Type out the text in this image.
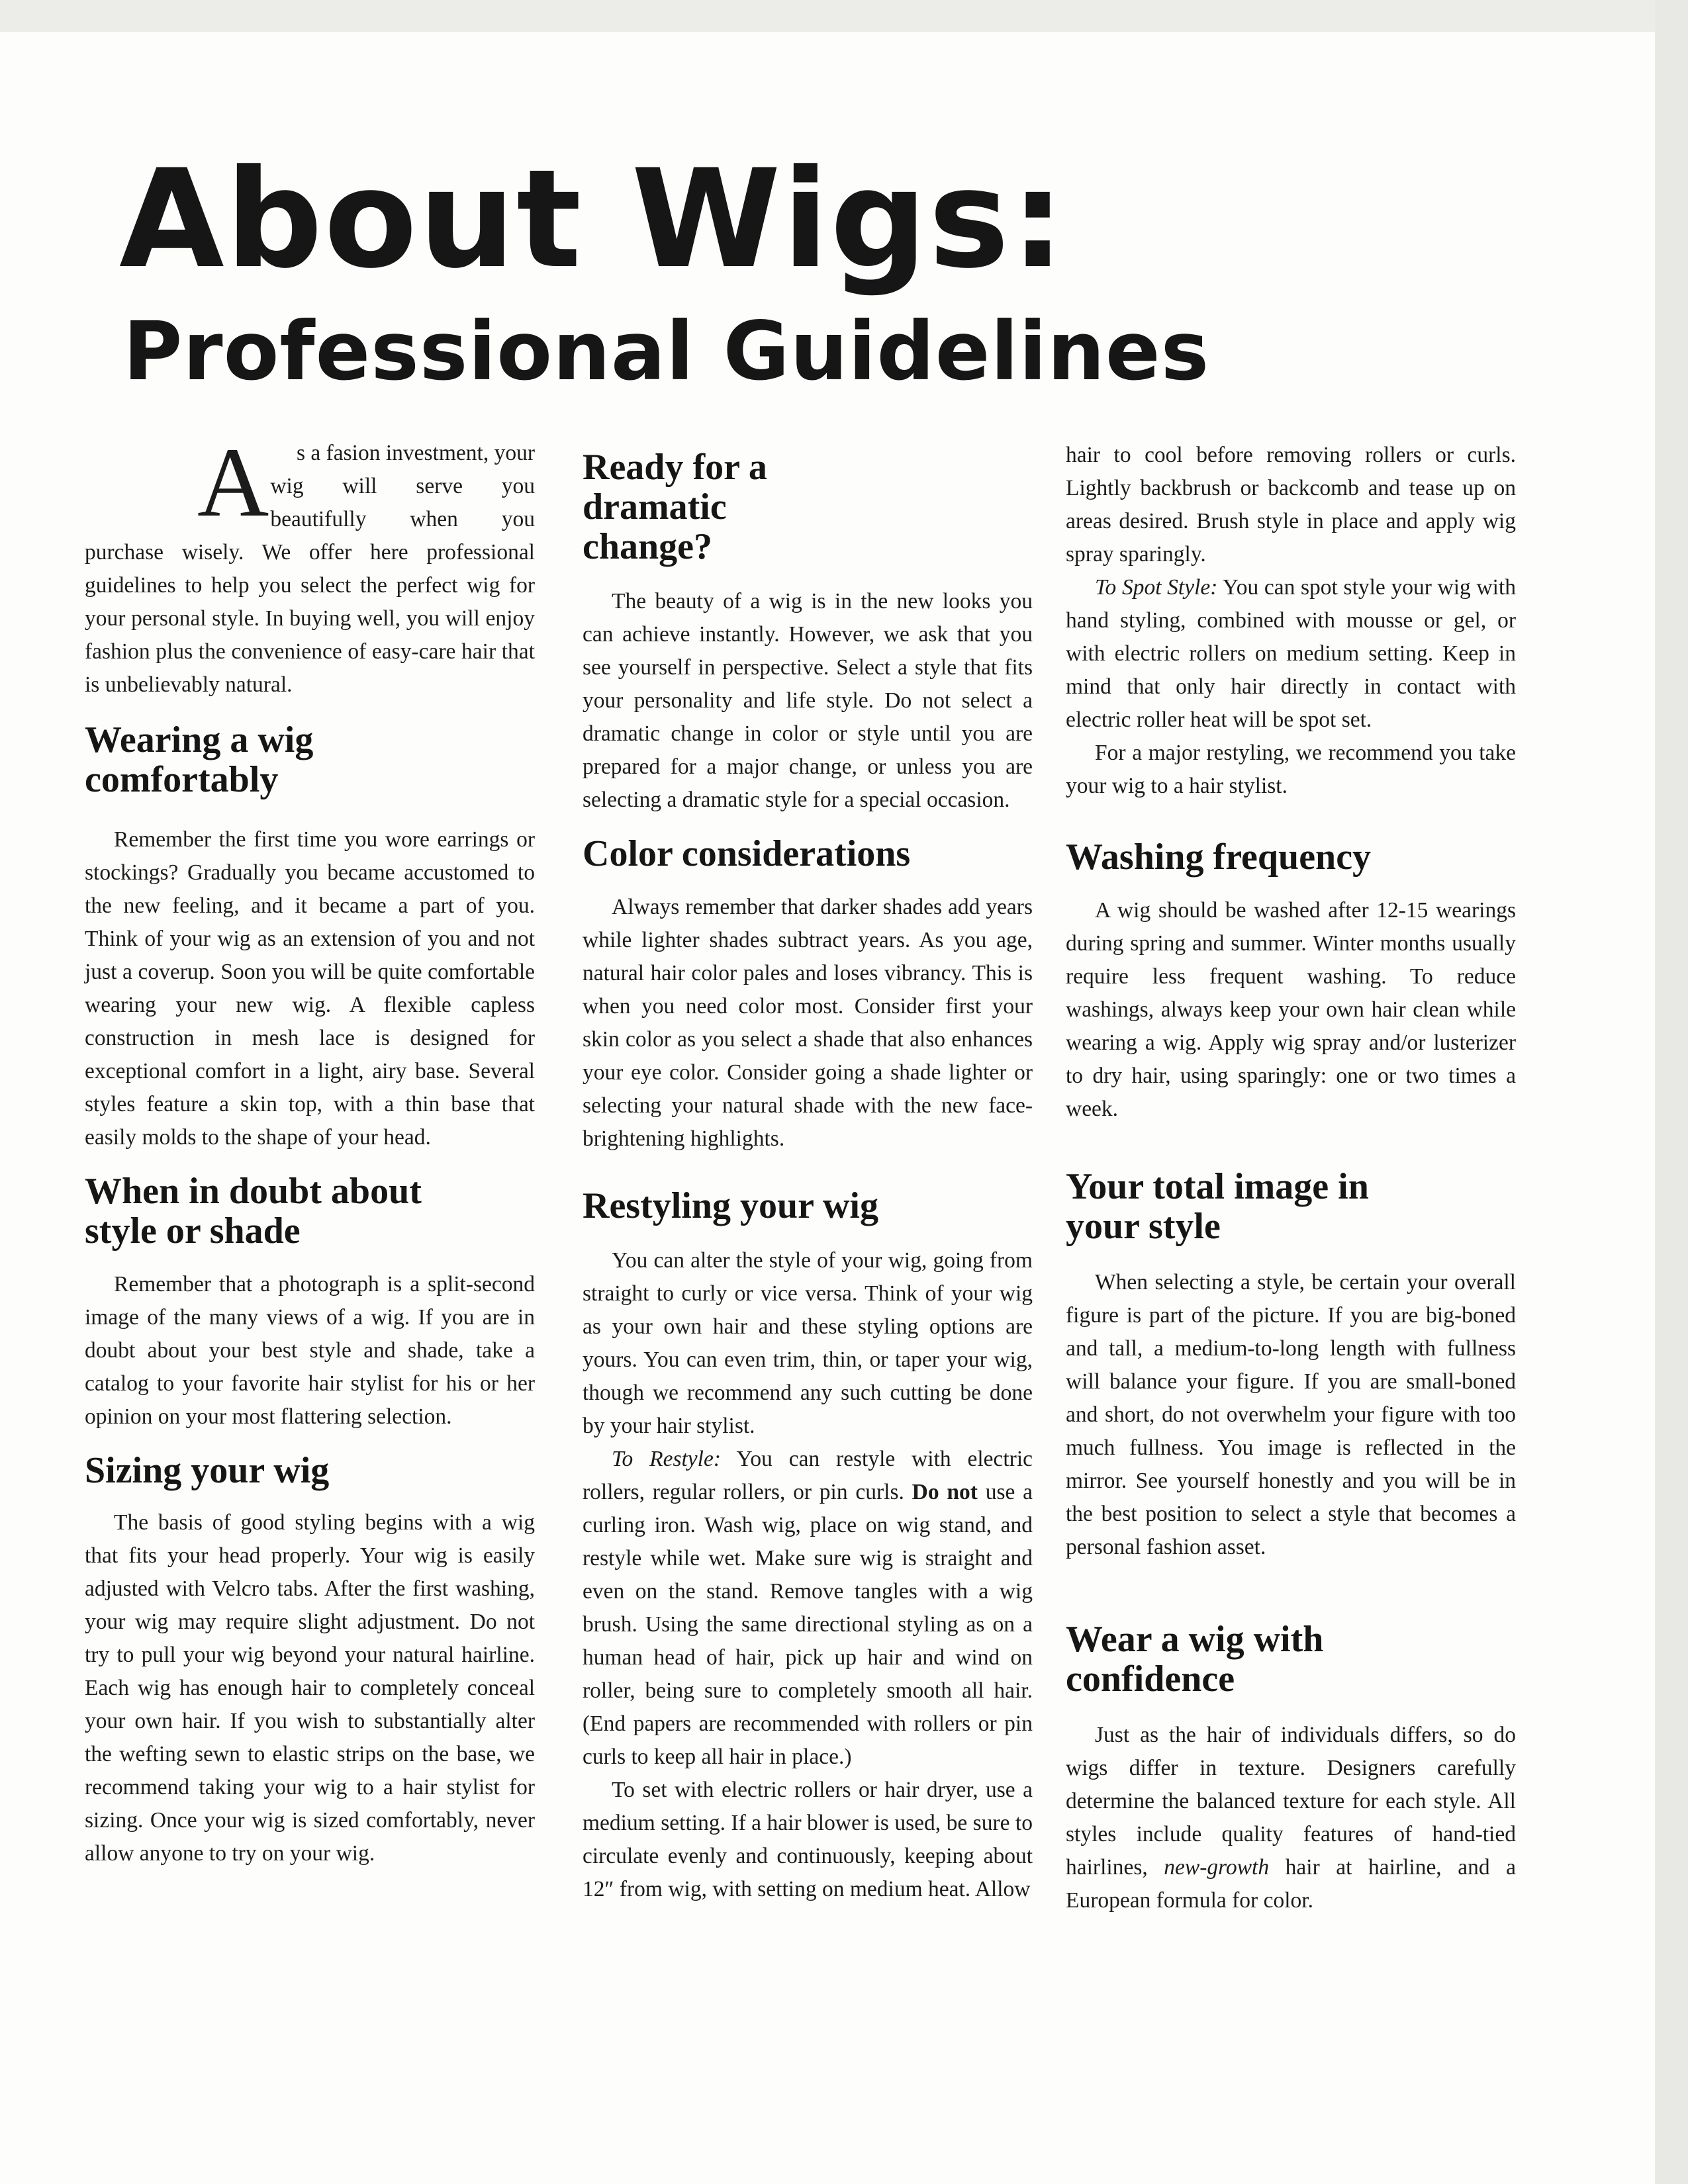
About Wigs:
Professional Guidelines

A	s a fasion investment, your
wig will serve you beautifully when you purchase wisely. We offer here professional guidelines to help you select the perfect wig for your personal style. In buying well, you will enjoy fashion plus the convenience of easy-care hair that is unbelievably natural.

Wearing a wig comfortably

Remember the first time you wore earrings or stockings? Gradually you became accustomed to the new feeling, and it became a part of you. Think of your wig as an extension of you and not just a coverup. Soon you will be quite comfortable wearing your new wig. A flexible capless construction in mesh lace is designed for exceptional comfort in a light, airy base. Several styles feature a skin top, with a thin base that easily molds to the shape of your head.

When in doubt about style or shade

Remember that a photograph is a split-second image of the many views of a wig. If you are in doubt about your best style and shade, take a catalog to your favorite hair stylist for his or her opinion on your most flattering selection.

Sizing your wig

The basis of good styling begins with a wig that fits your head properly. Your wig is easily adjusted with Velcro tabs. After the first washing, your wig may require slight adjustment. Do not try to pull your wig beyond your natural hairline. Each wig has enough hair to completely conceal your own hair. If you wish to substantially alter the wefting sewn to elastic strips on the base, we recommend taking your wig to a hair stylist for sizing. Once your wig is sized comfortably, never allow anyone to try on your wig.

Ready for a dramatic change?

The beauty of a wig is in the new looks you can achieve instantly. However, we ask that you see yourself in perspective. Select a style that fits your personality and life style. Do not select a dramatic change in color or style until you are prepared for a major change, or unless you are selecting a dramatic style for a special occasion.

Color considerations

Always remember that darker shades add years while lighter shades subtract years. As you age, natural hair color pales and loses vibrancy. This is when you need color most. Consider first your skin color as you select a shade that also enhances your eye color. Consider going a shade lighter or selecting your natural shade with the new face-brightening highlights.

Restyling your wig

You can alter the style of your wig, going from straight to curly or vice versa. Think of your wig as your own hair and these styling options are yours. You can even trim, thin, or taper your wig, though we recommend any such cutting be done by your hair stylist.

To Restyle: You can restyle with electric rollers, regular rollers, or pin curls. Do not use a curling iron. Wash wig, place on wig stand, and restyle while wet. Make sure wig is straight and even on the stand. Remove tangles with a wig brush. Using the same directional styling as on a human head of hair, pick up hair and wind on roller, being sure to completely smooth all hair. (End papers are recommended with rollers or pin curls to keep all hair in place.)

To set with electric rollers or hair dryer, use a medium setting. If a hair blower is used, be sure to circulate evenly and continuously, keeping about 12″ from wig, with setting on medium heat. Allow

hair to cool before removing rollers or curls. Lightly backbrush or backcomb and tease up on areas desired. Brush style in place and apply wig spray sparingly.

To Spot Style: You can spot style your wig with hand styling, combined with mousse or gel, or with electric rollers on medium setting. Keep in mind that only hair directly in contact with electric roller heat will be spot set.

For a major restyling, we recommend you take your wig to a hair stylist.

Washing frequency

A wig should be washed after 12-15 wearings during spring and summer. Winter months usually require less frequent washing. To reduce washings, always keep your own hair clean while wearing a wig. Apply wig spray and/or lusterizer to dry hair, using sparingly: one or two times a week.

Your total image in your style

When selecting a style, be certain your overall figure is part of the picture. If you are big-boned and tall, a medium-to-long length with fullness will balance your figure. If you are small-boned and short, do not overwhelm your figure with too much fullness. You image is reflected in the mirror. See yourself honestly and you will be in the best position to select a style that becomes a personal fashion asset.

Wear a wig with confidence

Just as the hair of individuals differs, so do wigs differ in texture. Designers carefully determine the balanced texture for each style. All styles include quality features of hand-tied hairlines, new-growth hair at hairline, and a European formula for color.
